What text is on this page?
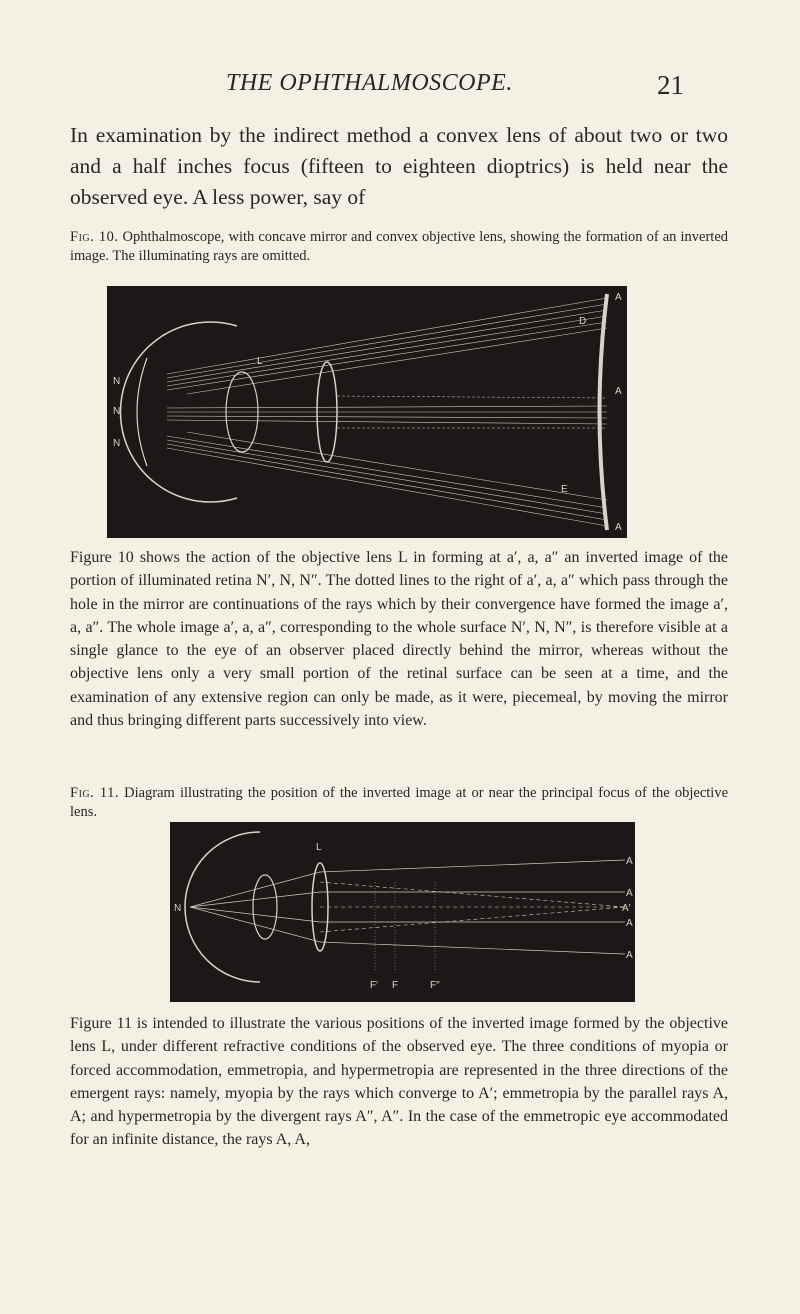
THE OPHTHALMOSCOPE.	21

In examination by the indirect method a convex lens of about two or two and a half inches focus (fifteen to eighteen dioptrics) is held near the observed eye. A less power, say of

Fig. 10. Ophthalmoscope, with concave mirror and convex objective lens, showing the formation of an inverted image. The illuminating rays are omitted.

L
N
N
N
D
A
A
E
A

Figure 10 shows the action of the objective lens L in forming at a′, a, a″ an inverted image of the portion of illuminated retina N′, N, N″. The dotted lines to the right of a′, a, a″ which pass through the hole in the mirror are continuations of the rays which by their convergence have formed the image a′, a, a″. The whole image a′, a, a″, corresponding to the whole surface N′, N, N″, is therefore visible at a single glance to the eye of an observer placed directly behind the mirror, whereas without the objective lens only a very small portion of the retinal surface can be seen at a time, and the examination of any extensive region can only be made, as it were, piecemeal, by moving the mirror and thus bringing different parts successively into view.

Fig. 11. Diagram illustrating the position of the inverted image at or near the principal focus of the objective lens.

L
N
A
A
A′
A
A
F′ F	F″

Figure 11 is intended to illustrate the various positions of the inverted image formed by the objective lens L, under different refractive conditions of the observed eye. The three conditions of myopia or forced accommodation, emmetropia, and hypermetropia are represented in the three directions of the emergent rays: namely, myopia by the rays which converge to A′; emmetropia by the parallel rays A, A; and hypermetropia by the divergent rays A″, A″. In the case of the emmetropic eye accommodated for an infinite distance, the rays A, A,
